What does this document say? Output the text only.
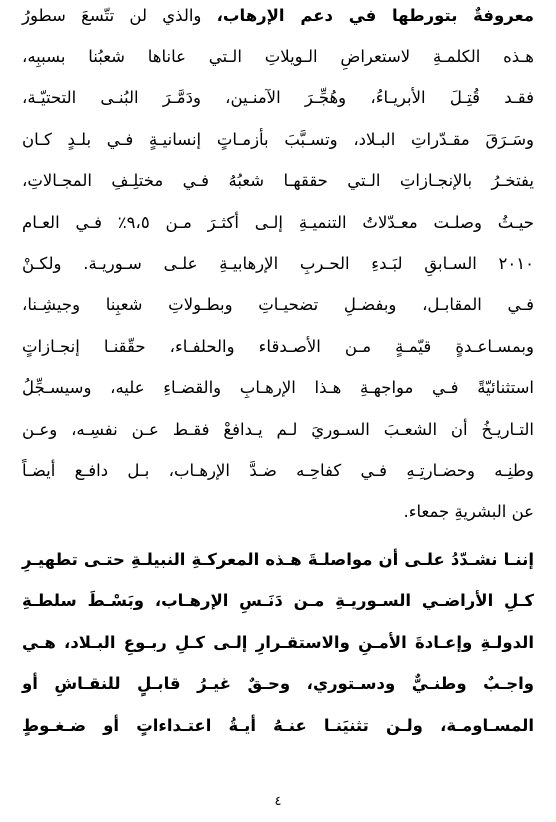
معروفةٌ بتورطها في دعم الإرهاب، والذي لن تتّسعَ سطورُ
هـذه الكلمـةِ لاستعراضِ الـويلاتِ الـتي عاناها شعبُنا بسببِه،
فقـد قُتِـلَ الأبريـاءُ، وهُجِّـرَ الآمنـين، ودَمَّـرَ البُنـى التحتيّـة،
وسَـرَقَ مقـدّراتِ البـلاد، وتسـبَّبَ بأزمـاتٍ إنسانيـةٍ فـي بلـدٍ كـان
يفتخـرُ بالإنجـازاتِ الـتي حققهـا شعبُهُ فـي مختلِـفِ المجـالاتِ،
حيـثُ وصلـت معـدّلاتُ التنميـةِ إلـى أكثـرَ مـن ٩،٥٪ فـي العـام
٢٠١٠ السـابقِ لبَـدءِ الحـربِ الإرهابيـةِ علـى سـوريـة. ولكـنْ
فـي المقابـل، وبفضـلِ تضحيـاتِ وبطـولاتِ شعبِنا وجيشِـنا،
وبمسـاعـدةٍ قيّمـةٍ مـن الأصـدقاء والحلفـاء، حقّقنـا إنجـازاتٍ
استثنائيّةً فـي مواجهـةِ هـذا الإرهـابِ والقضـاءِ عليه، وسيسـجِّلُ
التـاريـخُ أن الشعـبَ السـوريَ لـم يـدافعْ فقـط عـن نفسِـه، وعـن
وطنِـه وحضـارتِـهِ فـي كفاحِـه ضـدَّ الإرهـاب، بـل دافـع أيضـاً
عن البشريةِ جمعاء.
إننـا نشـدّدُ علـى أن مواصلـةَ هـذه المعركـةِ النبيلـةِ حتـى تطهيـرِ
كـلِ الأراضـي السـوريـةِ مـن دَنَـسِ الإرهـاب، وبَسْـطَ سلطـةِ
الدولـةِ وإعـادةَ الأمـنِ والاستقـرارِ إلـى كـلِ ربـوعِ البـلاد، هـي
واجـبٌ وطنـيٌّ ودسـتوري، وحـقٌ غيـرُ قابـلٍ للنقـاشِ أو
المسـاومـة، ولـن تثنيَنـا عنـهُ أيـةُ اعتـداءاتٍ أو ضـغـوطٍ
٤
